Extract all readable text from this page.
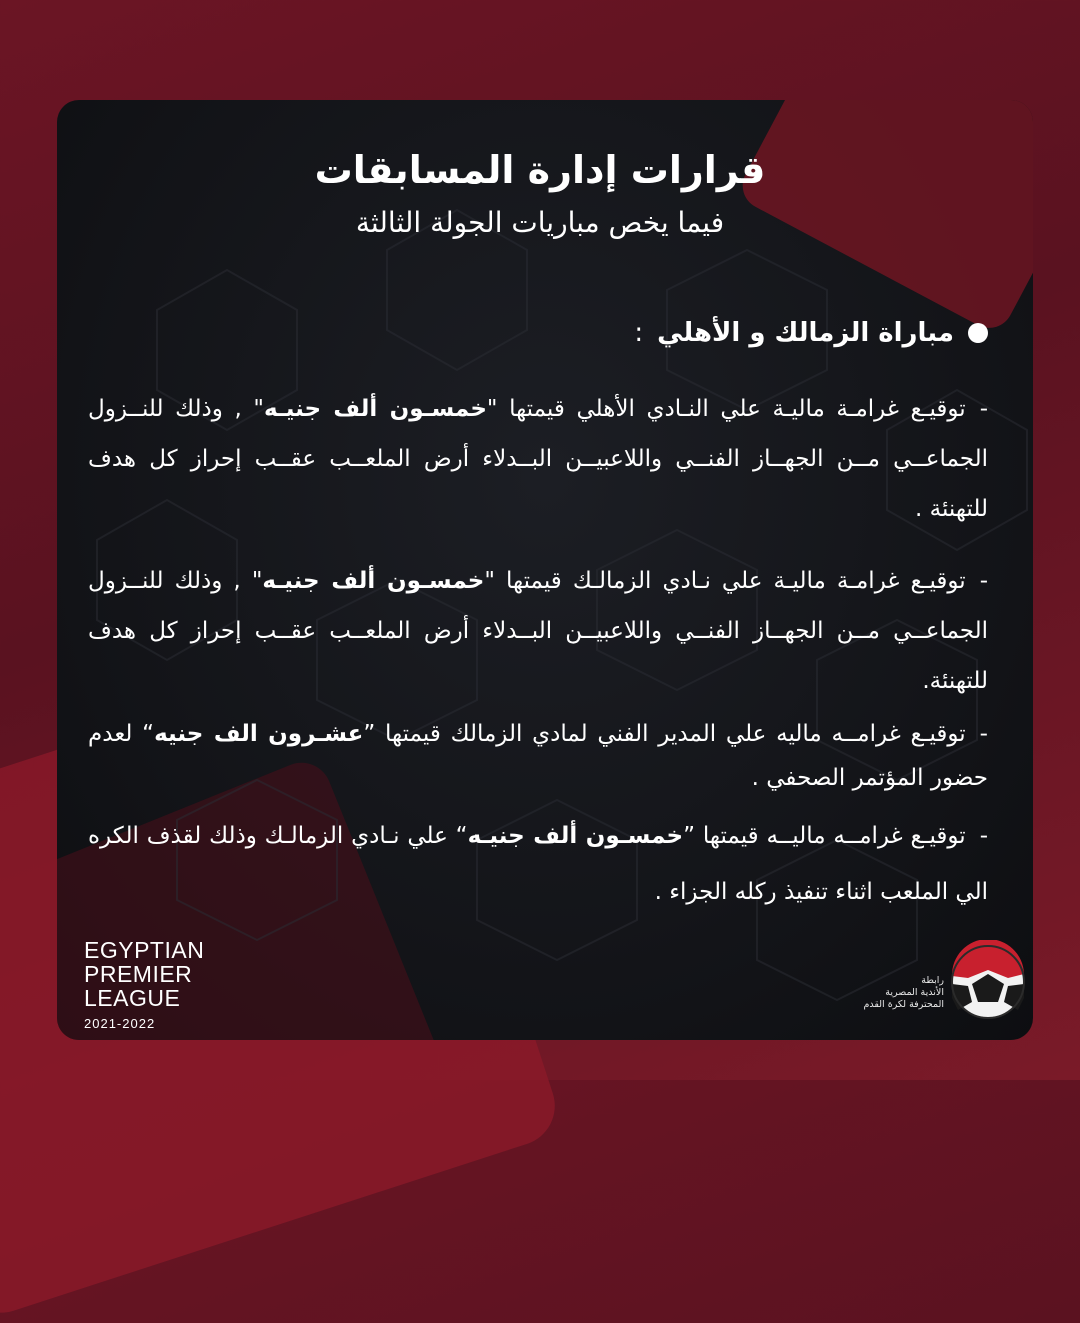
قرارات إدارة المسابقات
فيما يخص مباريات الجولة الثالثة
مباراة الزمالك و الأهلي
:
-توقيـع غرامـة ماليـة علي النـادي الأهلي قيمتها "خمسـون ألف جنيـه" , وذلك للنــزول الجماعــي مــن الجهــاز الفنــي واللاعبيــن البــدلاء أرض الملعــب عقــب إحراز كل هدف للتهنئة .
-توقيـع غرامـة ماليـة علي نـادي الزمالـك قيمتها "خمسـون ألف جنيـه" , وذلك للنــزول الجماعــي مــن الجهــاز الفنــي واللاعبيــن البــدلاء أرض الملعــب عقــب إحراز كل هدف للتهنئة.
-توقيـع غرامــه ماليه علي المدير الفني لمادي الزمالك قيمتها ”عشـرون الف جنيه“ لعدم حضور المؤتمر الصحفي .
-توقيـع غرامــه ماليــه قيمتها ”خمسـون ألف جنيـه“ علي نـادي الزمالـك وذلك لقذف الكره الي الملعب اثناء تنفيذ ركله الجزاء .
EGYPTIAN
PREMIER
LEAGUE
2021-2022
رابطة
الأندية المصرية
المحترفة لكرة القدم
